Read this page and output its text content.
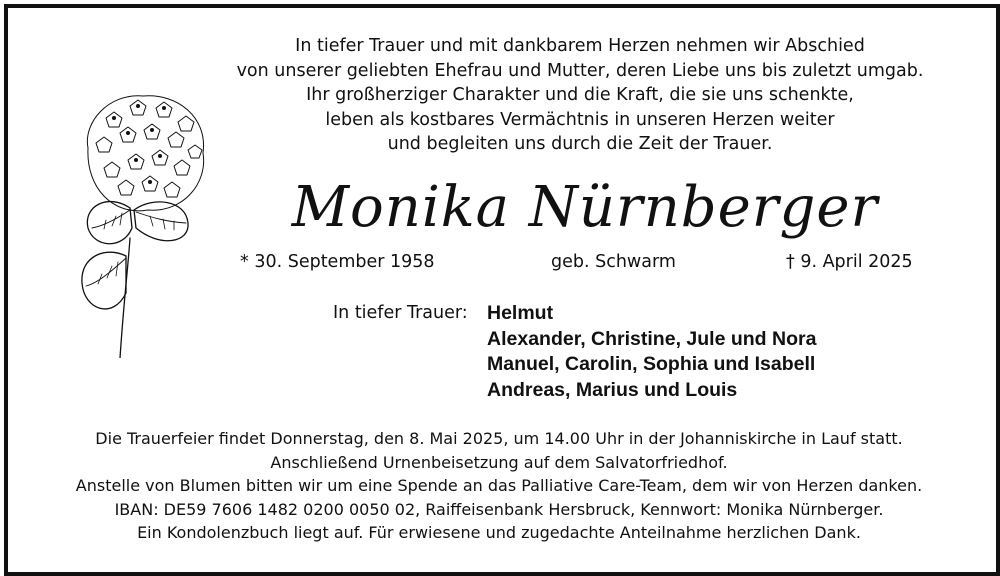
In tiefer Trauer und mit dankbarem Herzen nehmen wir Abschied
von unserer geliebten Ehefrau und Mutter, deren Liebe uns bis zuletzt umgab.
Ihr großherziger Charakter und die Kraft, die sie uns schenkte,
leben als kostbares Vermächtnis in unseren Herzen weiter
und begleiten uns durch die Zeit der Trauer.
Monika Nürnberger
* 30. September 1958	geb. Schwarm	† 9. April 2025
In tiefer Trauer: Helmut
Alexander, Christine, Jule und Nora
Manuel, Carolin, Sophia und Isabell
Andreas, Marius und Louis
Die Trauerfeier findet Donnerstag, den 8. Mai 2025, um 14.00 Uhr in der Johanniskirche in Lauf statt.
Anschließend Urnenbeisetzung auf dem Salvatorfriedhof.
Anstelle von Blumen bitten wir um eine Spende an das Palliative Care-Team, dem wir von Herzen danken.
IBAN: DE59 7606 1482 0200 0050 02, Raiffeisenbank Hersbruck, Kennwort: Monika Nürnberger.
Ein Kondolenzbuch liegt auf. Für erwiesene und zugedachte Anteilnahme herzlichen Dank.
